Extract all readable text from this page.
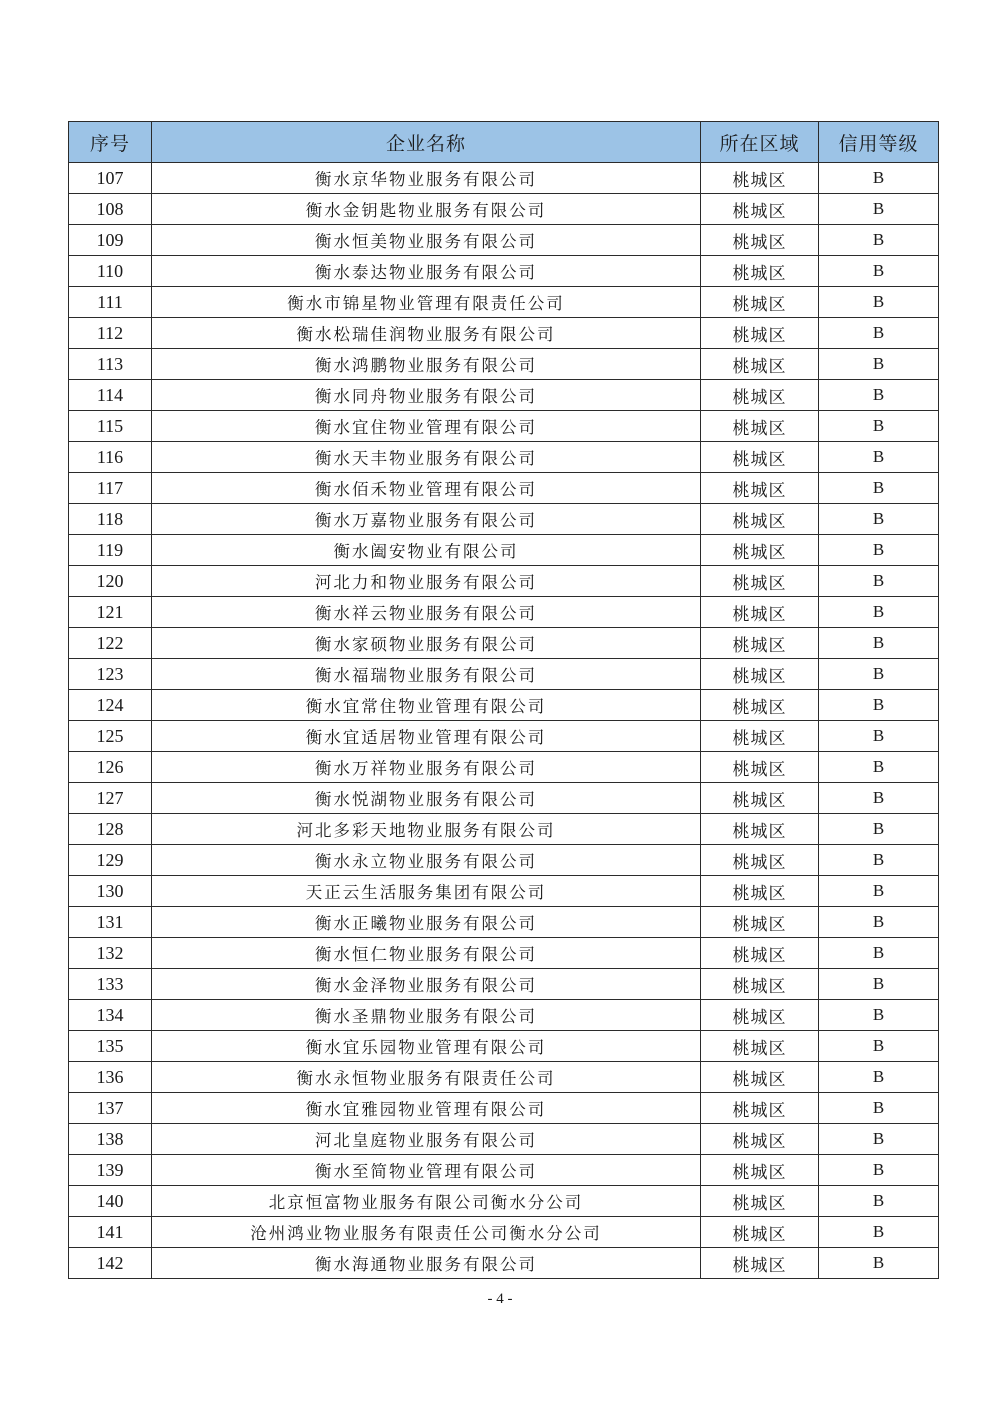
序号	企业名称	所在区域	信用等级
107	衡水京华物业服务有限公司	桃城区	B
108	衡水金钥匙物业服务有限公司	桃城区	B
109	衡水恒美物业服务有限公司	桃城区	B
110	衡水泰达物业服务有限公司	桃城区	B
111	衡水市锦星物业管理有限责任公司	桃城区	B
112	衡水松瑞佳润物业服务有限公司	桃城区	B
113	衡水鸿鹏物业服务有限公司	桃城区	B
114	衡水同舟物业服务有限公司	桃城区	B
115	衡水宜住物业管理有限公司	桃城区	B
116	衡水天丰物业服务有限公司	桃城区	B
117	衡水佰禾物业管理有限公司	桃城区	B
118	衡水万嘉物业服务有限公司	桃城区	B
119	衡水阖安物业有限公司	桃城区	B
120	河北力和物业服务有限公司	桃城区	B
121	衡水祥云物业服务有限公司	桃城区	B
122	衡水家硕物业服务有限公司	桃城区	B
123	衡水福瑞物业服务有限公司	桃城区	B
124	衡水宜常住物业管理有限公司	桃城区	B
125	衡水宜适居物业管理有限公司	桃城区	B
126	衡水万祥物业服务有限公司	桃城区	B
127	衡水悦湖物业服务有限公司	桃城区	B
128	河北多彩天地物业服务有限公司	桃城区	B
129	衡水永立物业服务有限公司	桃城区	B
130	天正云生活服务集团有限公司	桃城区	B
131	衡水正曦物业服务有限公司	桃城区	B
132	衡水恒仁物业服务有限公司	桃城区	B
133	衡水金泽物业服务有限公司	桃城区	B
134	衡水圣鼎物业服务有限公司	桃城区	B
135	衡水宜乐园物业管理有限公司	桃城区	B
136	衡水永恒物业服务有限责任公司	桃城区	B
137	衡水宜雅园物业管理有限公司	桃城区	B
138	河北皇庭物业服务有限公司	桃城区	B
139	衡水至简物业管理有限公司	桃城区	B
140	北京恒富物业服务有限公司衡水分公司	桃城区	B
141	沧州鸿业物业服务有限责任公司衡水分公司	桃城区	B
142	衡水海通物业服务有限公司	桃城区	B
- 4 -
